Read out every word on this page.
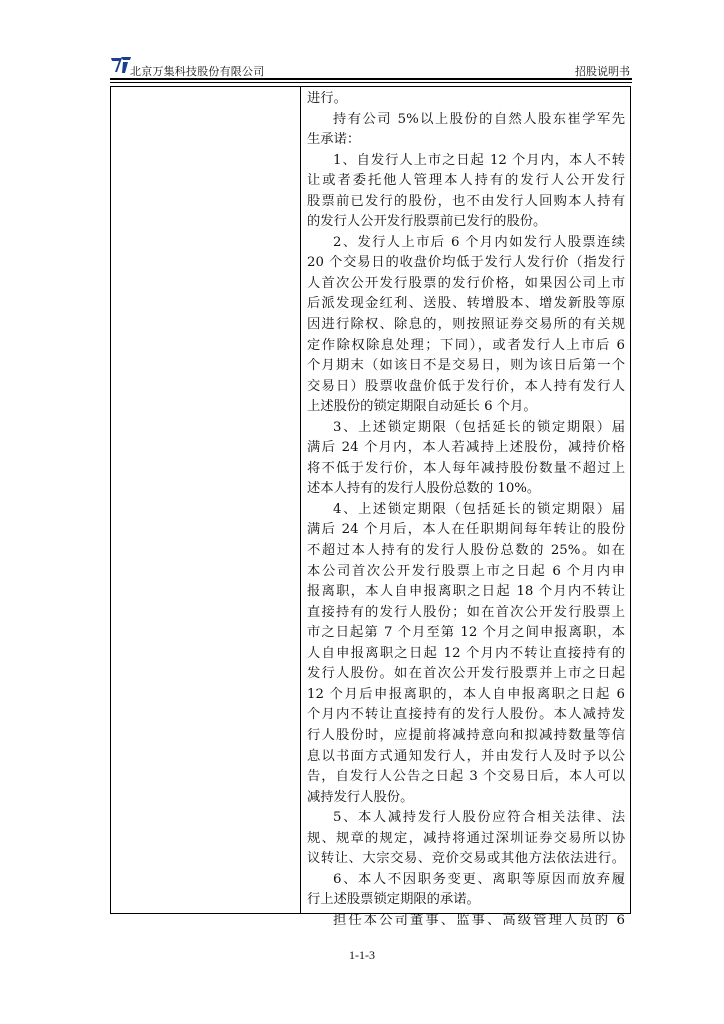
北京万集科技股份有限公司	招股说明书
进行。
持有公司 5%以上股份的自然人股东崔学军先
生承诺：
1、自发行人上市之日起 12 个月内，本人不转
让或者委托他人管理本人持有的发行人公开发行
股票前已发行的股份，也不由发行人回购本人持有
的发行人公开发行股票前已发行的股份。
2、发行人上市后 6 个月内如发行人股票连续
20 个交易日的收盘价均低于发行人发行价（指发行
人首次公开发行股票的发行价格，如果因公司上市
后派发现金红利、送股、转增股本、增发新股等原
因进行除权、除息的，则按照证券交易所的有关规
定作除权除息处理；下同），或者发行人上市后 6
个月期末（如该日不是交易日，则为该日后第一个
交易日）股票收盘价低于发行价，本人持有发行人
上述股份的锁定期限自动延长 6 个月。
3、上述锁定期限（包括延长的锁定期限）届
满后 24 个月内，本人若减持上述股份，减持价格
将不低于发行价，本人每年减持股份数量不超过上
述本人持有的发行人股份总数的 10%。
4、上述锁定期限（包括延长的锁定期限）届
满后 24 个月后，本人在任职期间每年转让的股份
不超过本人持有的发行人股份总数的 25%。如在
本公司首次公开发行股票上市之日起 6 个月内申
报离职，本人自申报离职之日起 18 个月内不转让
直接持有的发行人股份；如在首次公开发行股票上
市之日起第 7 个月至第 12 个月之间申报离职，本
人自申报离职之日起 12 个月内不转让直接持有的
发行人股份。如在首次公开发行股票并上市之日起
12 个月后申报离职的，本人自申报离职之日起 6
个月内不转让直接持有的发行人股份。本人减持发
行人股份时，应提前将减持意向和拟减持数量等信
息以书面方式通知发行人，并由发行人及时予以公
告，自发行人公告之日起 3 个交易日后，本人可以
减持发行人股份。
5、本人减持发行人股份应符合相关法律、法
规、规章的规定，减持将通过深圳证券交易所以协
议转让、大宗交易、竞价交易或其他方法依法进行。
6、本人不因职务变更、离职等原因而放弃履
行上述股票锁定期限的承诺。
担任本公司董事、监事、高级管理人员的 6
1-1-3
